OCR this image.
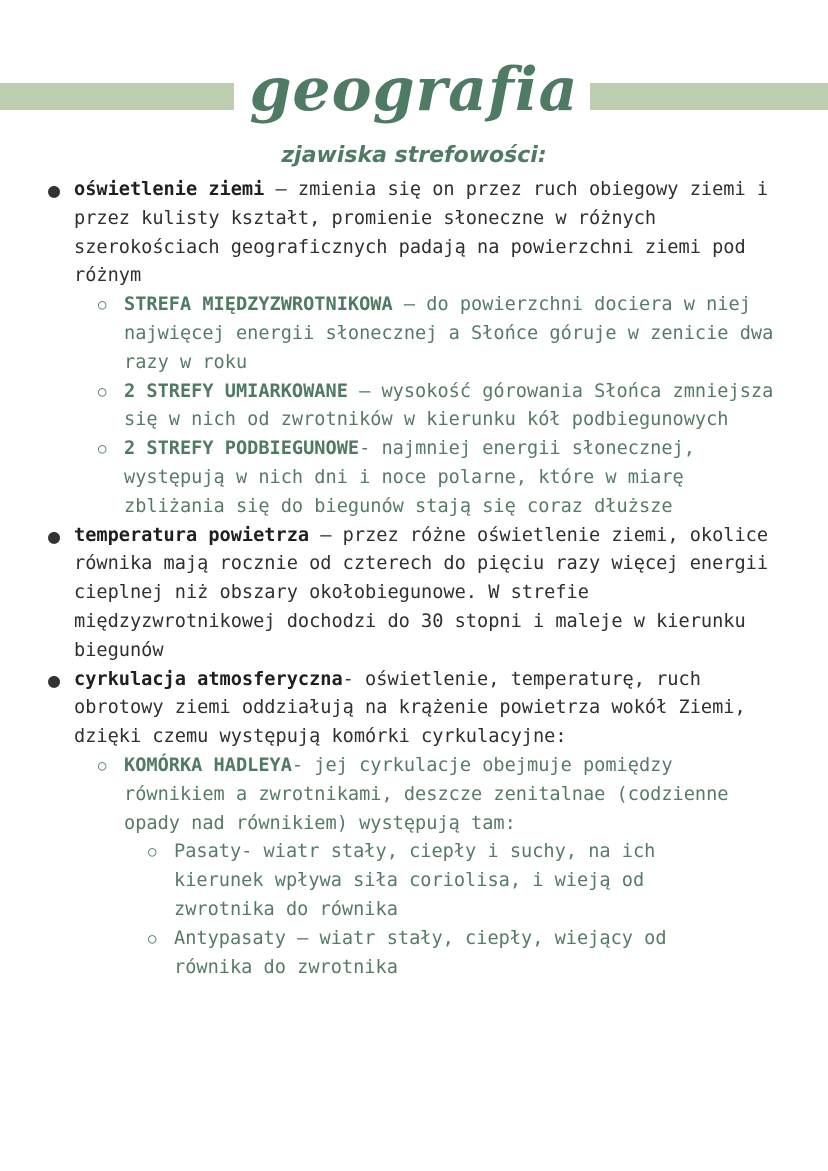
geografia
zjawiska strefowości:
● oświetlenie ziemi – zmienia się on przez ruch obiegowy ziemi i przez kulisty kształt, promienie słoneczne w różnych szerokościach geograficznych padają na powierzchni ziemi pod różnym
○ STREFA MIĘDZYZWROTNIKOWA – do powierzchni dociera w niej najwięcej energii słonecznej a Słońce góruje w zenicie dwa razy w roku
○ 2 STREFY UMIARKOWANE – wysokość górowania Słońca zmniejsza się w nich od zwrotników w kierunku kół podbiegunowych
○ 2 STREFY PODBIEGUNOWE- najmniej energii słonecznej, występują w nich dni i noce polarne, które w miarę zbliżania się do biegunów stają się coraz dłuższe
● temperatura powietrza – przez różne oświetlenie ziemi, okolice równika mają rocznie od czterech do pięciu razy więcej energii cieplnej niż obszary okołobiegunowe. W strefie międzyzwrotnikowej dochodzi do 30 stopni i maleje w kierunku biegunów
● cyrkulacja atmosferyczna- oświetlenie, temperaturę, ruch obrotowy ziemi oddziałują na krążenie powietrza wokół Ziemi, dzięki czemu występują komórki cyrkulacyjne:
○ KOMÓRKA HADLEYA- jej cyrkulacje obejmuje pomiędzy równikiem a zwrotnikami, deszcze zenitalnae (codzienne opady nad równikiem) występują tam:
○ Pasaty- wiatr stały, ciepły i suchy, na ich kierunek wpływa siła coriolisa, i wieją od zwrotnika do równika
○ Antypasaty – wiatr stały, ciepły, wiejący od równika do zwrotnika
